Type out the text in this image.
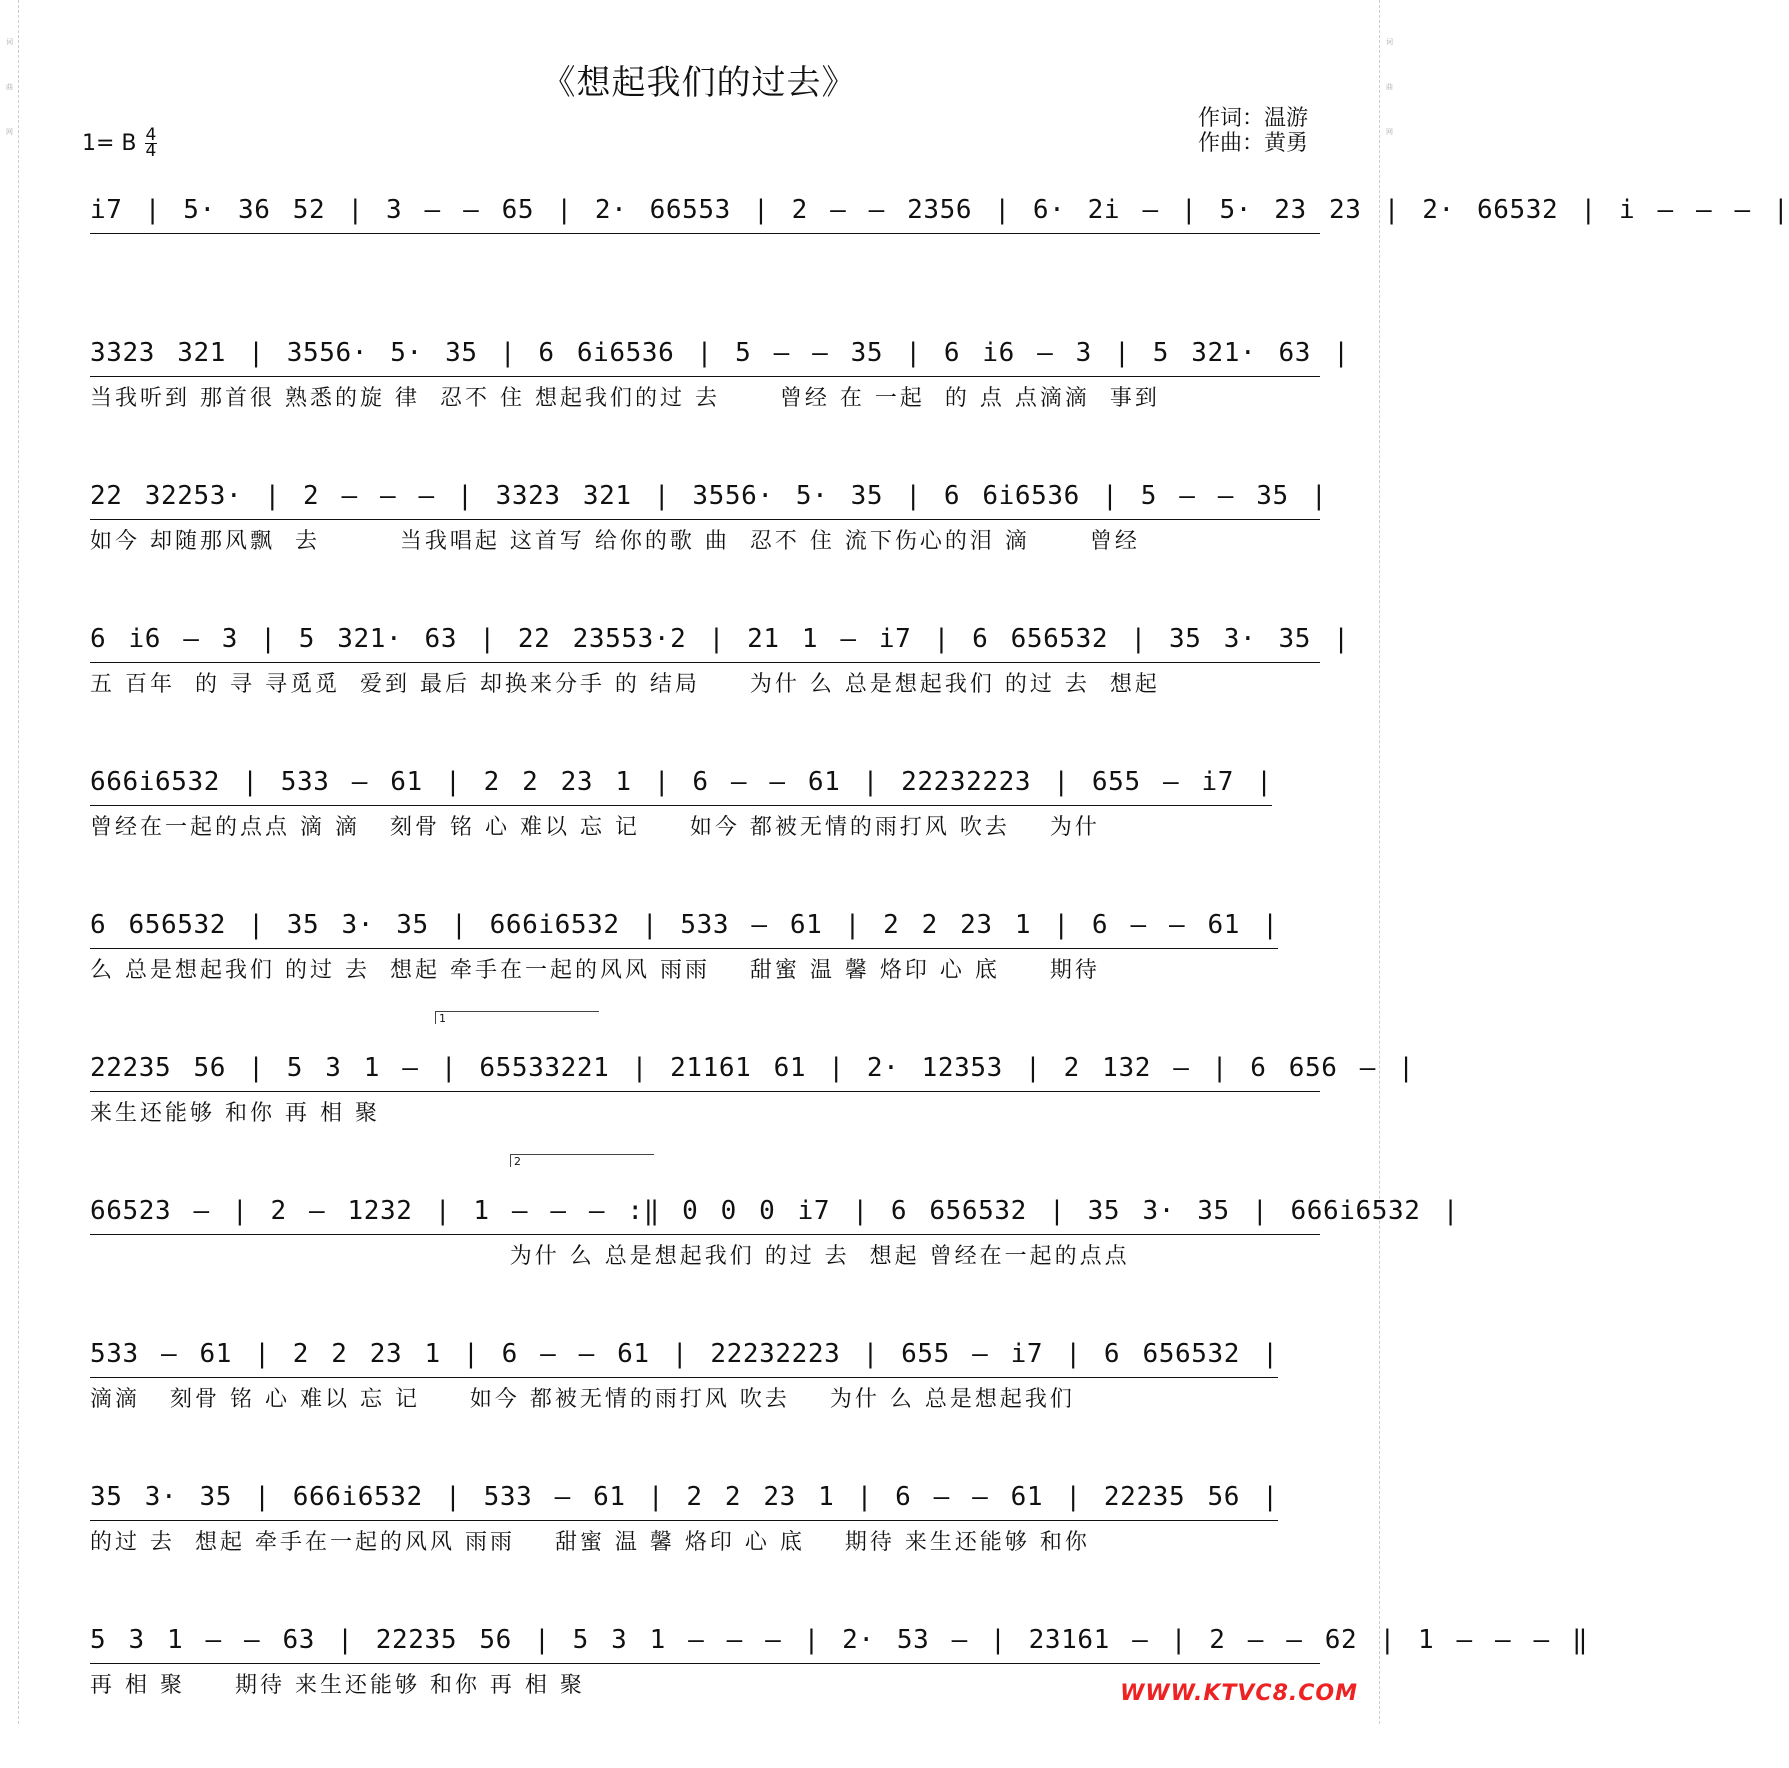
词
曲
网
词
曲
网
《想起我们的过去》
作词：温游
作曲：黄勇
1= B 4
4
i7 | 5· 36 52 | 3 — — 65 | 2· 66553 | 2 — — 2356 | 6· 2i — | 5· 23 23 | 2· 66532 | i — — — |
3323 321 | 3556· 5· 35 | 6 6i6536 | 5 — — 35 | 6 i6 — 3 | 5 321· 63 |
当我听到 那首很 熟悉的旋 律  忍不 住 想起我们的过 去      曾经 在 一起  的 点 点滴滴  事到
22 32253· | 2 — — — | 3323 321 | 3556· 5· 35 | 6 6i6536 | 5 — — 35 |
如今 却随那风飘  去        当我唱起 这首写 给你的歌 曲  忍不 住 流下伤心的泪 滴      曾经
6 i6 — 3 | 5 321· 63 | 22 23553·2 | 21 1 — i7 | 6 656532 | 35 3· 35 |
五 百年  的 寻 寻觅觅  爱到 最后 却换来分手 的 结局     为什 么 总是想起我们 的过 去  想起
666i6532 | 533 — 61 | 2 2 23 1 | 6 — — 61 | 22232223 | 655 — i7 |
曾经在一起的点点 滴 滴   刻骨 铭 心 难以 忘 记     如今 都被无情的雨打风 吹去    为什
6 656532 | 35 3· 35 | 666i6532 | 533 — 61 | 2 2 23 1 | 6 — — 61 |
么 总是想起我们 的过 去  想起 牵手在一起的风风 雨雨    甜蜜 温 馨 烙印 心 底     期待
1
22235 56 | 5 3 1 — | 65533221 | 21161 61 | 2· 12353 | 2 132 — | 6 656 — |
来生还能够 和你 再 相 聚
2
66523 — | 2 — 1232 | 1 — — — :‖ 0 0 0 i7 | 6 656532 | 35 3· 35 | 666i6532 |
为什 么 总是想起我们 的过 去  想起 曾经在一起的点点
533 — 61 | 2 2 23 1 | 6 — — 61 | 22232223 | 655 — i7 | 6 656532 |
滴滴   刻骨 铭 心 难以 忘 记     如今 都被无情的雨打风 吹去    为什 么 总是想起我们
35 3· 35 | 666i6532 | 533 — 61 | 2 2 23 1 | 6 — — 61 | 22235 56 |
的过 去  想起 牵手在一起的风风 雨雨    甜蜜 温 馨 烙印 心 底    期待 来生还能够 和你
5 3 1 — — 63 | 22235 56 | 5 3 1 — — — | 2· 53 — | 23161 — | 2 — — 62 | 1 — — — ‖
再 相 聚     期待 来生还能够 和你 再 相 聚	WWW.KTVC8.COM
